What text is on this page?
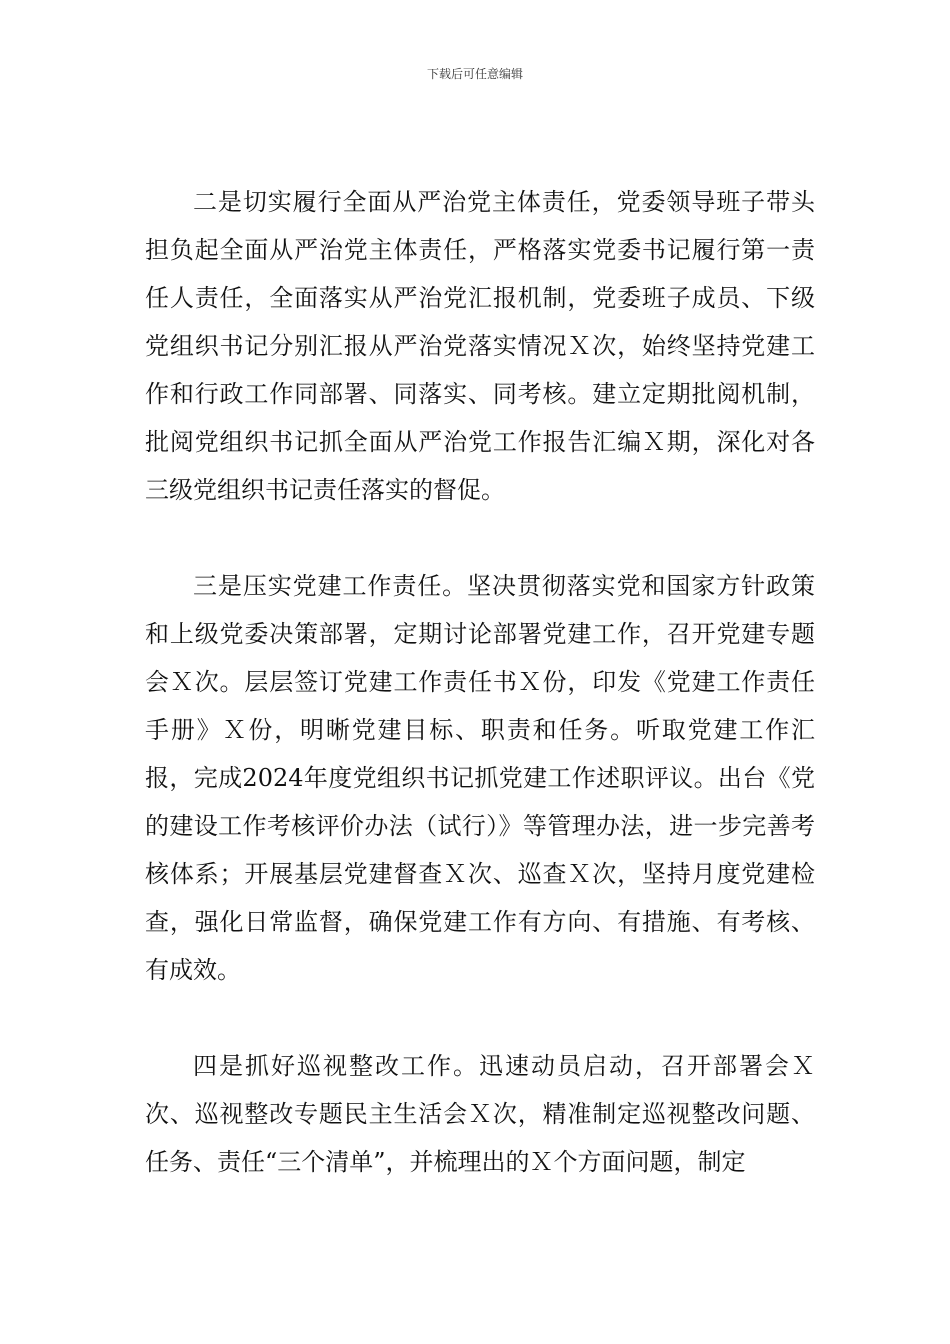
下载后可任意编辑

二是切实履行全面从严治党主体责任，党委领导班子带头担负起全面从严治党主体责任，严格落实党委书记履行第一责任人责任，全面落实从严治党汇报机制，党委班子成员、下级党组织书记分别汇报从严治党落实情况Ｘ次，始终坚持党建工作和行政工作同部署、同落实、同考核。建立定期批阅机制，批阅党组织书记抓全面从严治党工作报告汇编Ｘ期，深化对各三级党组织书记责任落实的督促。

三是压实党建工作责任。坚决贯彻落实党和国家方针政策和上级党委决策部署，定期讨论部署党建工作，召开党建专题会Ｘ次。层层签订党建工作责任书Ｘ份，印发《党建工作责任手册》Ｘ份，明晰党建目标、职责和任务。听取党建工作汇报，完成2024年度党组织书记抓党建工作述职评议。出台《党的建设工作考核评价办法（试行）》等管理办法，进一步完善考核体系；开展基层党建督查Ｘ次、巡查Ｘ次，坚持月度党建检查，强化日常监督，确保党建工作有方向、有措施、有考核、有成效。

四是抓好巡视整改工作。迅速动员启动，召开部署会Ｘ次、巡视整改专题民主生活会Ｘ次，精准制定巡视整改问题、任务、责任“三个清单”，并梳理出的Ｘ个方面问题，制定
